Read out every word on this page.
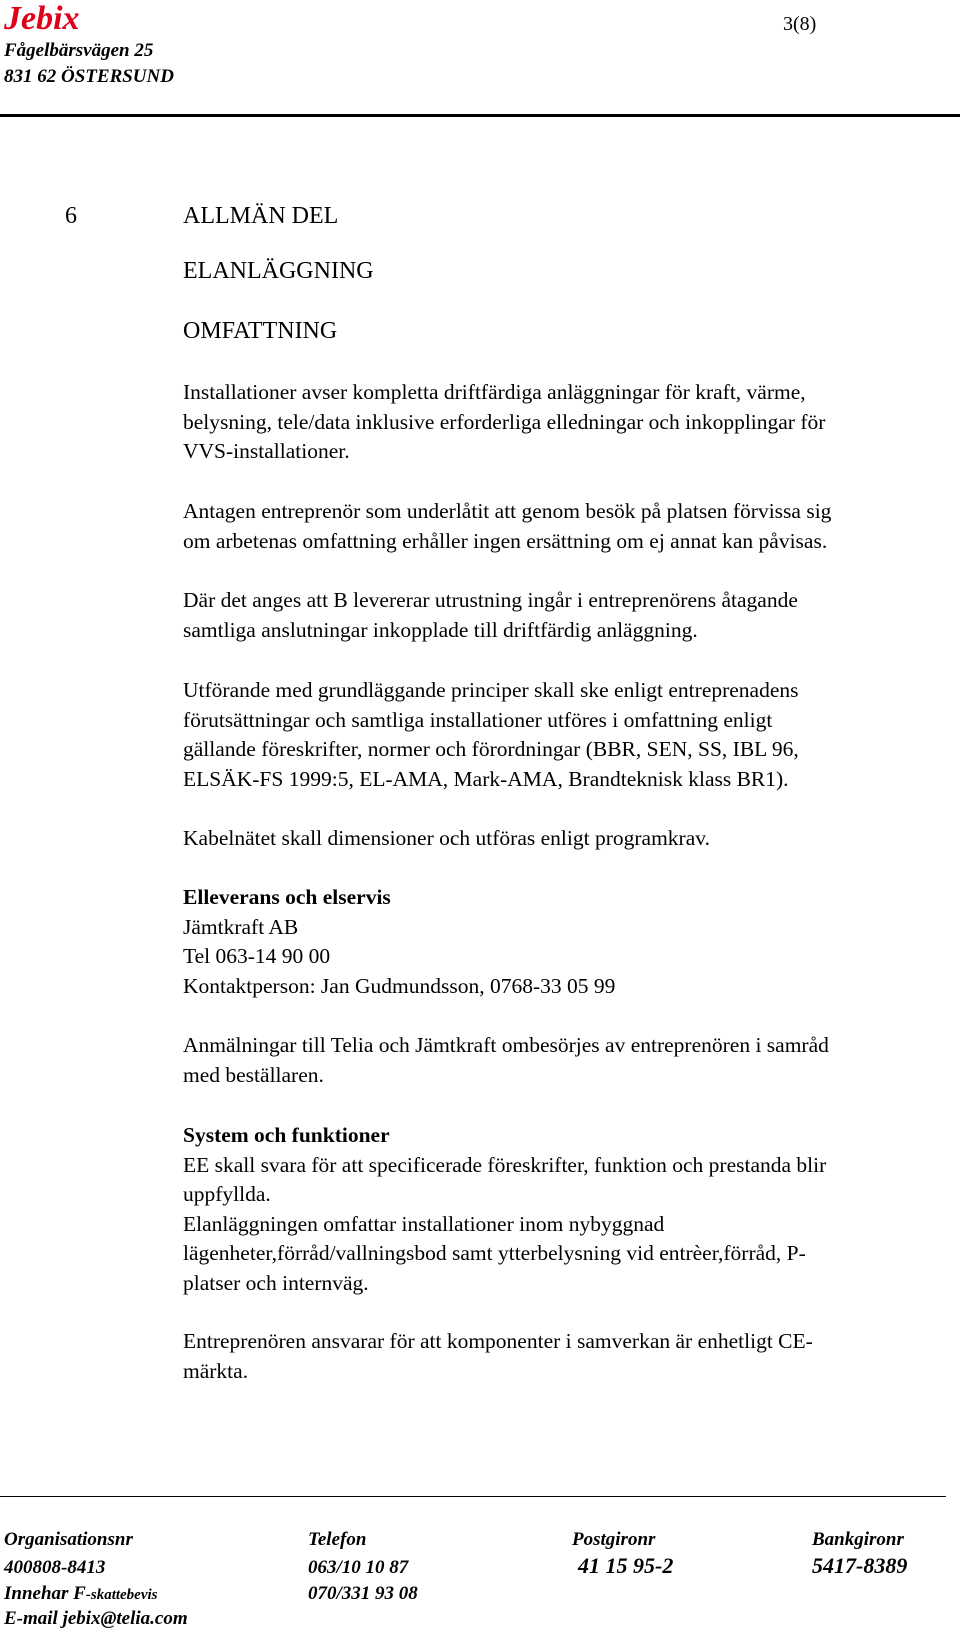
Jebix
Fågelbärsvägen 25
831 62 ÖSTERSUND
3(8)
6	ALLMÄN DEL
ELANLÄGGNING
OMFATTNING
Installationer avser kompletta driftfärdiga anläggningar för kraft, värme,
belysning, tele/data inklusive erforderliga elledningar och inkopplingar för
VVS-installationer.
Antagen entreprenör som underlåtit att genom besök på platsen förvissa sig
om arbetenas omfattning erhåller ingen ersättning om ej annat kan påvisas.
Där det anges att B levererar utrustning ingår i entreprenörens åtagande
samtliga anslutningar inkopplade till driftfärdig anläggning.
Utförande med grundläggande principer skall ske enligt entreprenadens
förutsättningar och samtliga installationer utföres i omfattning enligt
gällande föreskrifter, normer och förordningar (BBR, SEN, SS, IBL 96,
ELSÄK-FS 1999:5, EL-AMA, Mark-AMA, Brandteknisk klass BR1).
Kabelnätet skall dimensioner och utföras enligt programkrav.
Elleverans och elservis
Jämtkraft AB
Tel 063-14 90 00
Kontaktperson: Jan Gudmundsson, 0768-33 05 99
Anmälningar till Telia och Jämtkraft ombesörjes av entreprenören i samråd
med beställaren.
System och funktioner
EE skall svara för att specificerade föreskrifter, funktion och prestanda blir
uppfyllda.
Elanläggningen omfattar installationer inom nybyggnad
lägenheter,förråd/vallningsbod samt ytterbelysning vid entrèer,förråd, P-
platser och internväg.
Entreprenören ansvarar för att komponenter i samverkan är enhetligt CE-
märkta.
Organisationsnr
400808-8413
Innehar F-skattebevis
E-mail jebix@telia.com
Telefon
063/10 10 87
070/331 93 08
Postgironr
41 15 95-2
Bankgironr
5417-8389
